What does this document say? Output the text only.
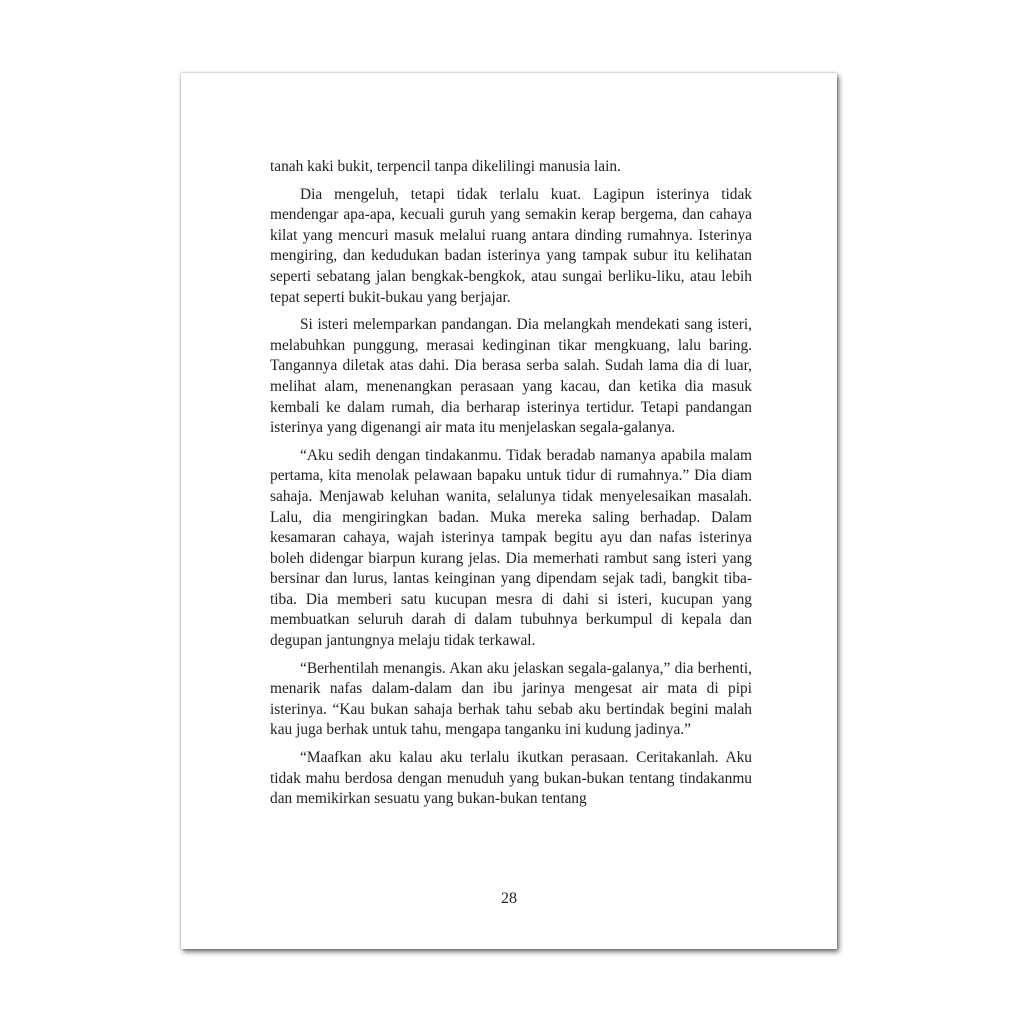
tanah kaki bukit, terpencil tanpa dikelilingi manusia lain.

Dia mengeluh, tetapi tidak terlalu kuat. Lagipun isterinya tidak mendengar apa-apa, kecuali guruh yang semakin kerap bergema, dan cahaya kilat yang mencuri masuk melalui ruang antara dinding rumahnya. Isterinya mengiring, dan kedudukan badan isterinya yang tampak subur itu kelihatan seperti sebatang jalan bengkak-bengkok, atau sungai berliku-liku, atau lebih tepat seperti bukit-bukau yang berjajar.

Si isteri melemparkan pandangan. Dia melangkah mendekati sang isteri, melabuhkan punggung, merasai kedinginan tikar mengkuang, lalu baring. Tangannya diletak atas dahi. Dia berasa serba salah. Sudah lama dia di luar, melihat alam, menenangkan perasaan yang kacau, dan ketika dia masuk kembali ke dalam rumah, dia berharap isterinya tertidur. Tetapi pandangan isterinya yang digenangi air mata itu menjelaskan segala-galanya.

“Aku sedih dengan tindakanmu. Tidak beradab namanya apabila malam pertama, kita menolak pelawaan bapaku untuk tidur di rumahnya.” Dia diam sahaja. Menjawab keluhan wanita, selalunya tidak menyelesaikan masalah. Lalu, dia mengiringkan badan. Muka mereka saling berhadap. Dalam kesamaran cahaya, wajah isterinya tampak begitu ayu dan nafas isterinya boleh didengar biarpun kurang jelas. Dia memerhati rambut sang isteri yang bersinar dan lurus, lantas keinginan yang dipendam sejak tadi, bangkit tiba-tiba. Dia memberi satu kucupan mesra di dahi si isteri, kucupan yang membuatkan seluruh darah di dalam tubuhnya berkumpul di kepala dan degupan jantungnya melaju tidak terkawal.

“Berhentilah menangis. Akan aku jelaskan segala-galanya,” dia berhenti, menarik nafas dalam-dalam dan ibu jarinya mengesat air mata di pipi isterinya. “Kau bukan sahaja berhak tahu sebab aku bertindak begini malah kau juga berhak untuk tahu, mengapa tanganku ini kudung jadinya.”

“Maafkan aku kalau aku terlalu ikutkan perasaan. Ceritakanlah. Aku tidak mahu berdosa dengan menuduh yang bukan-bukan tentang tindakanmu dan memikirkan sesuatu yang bukan-bukan tentang

28
